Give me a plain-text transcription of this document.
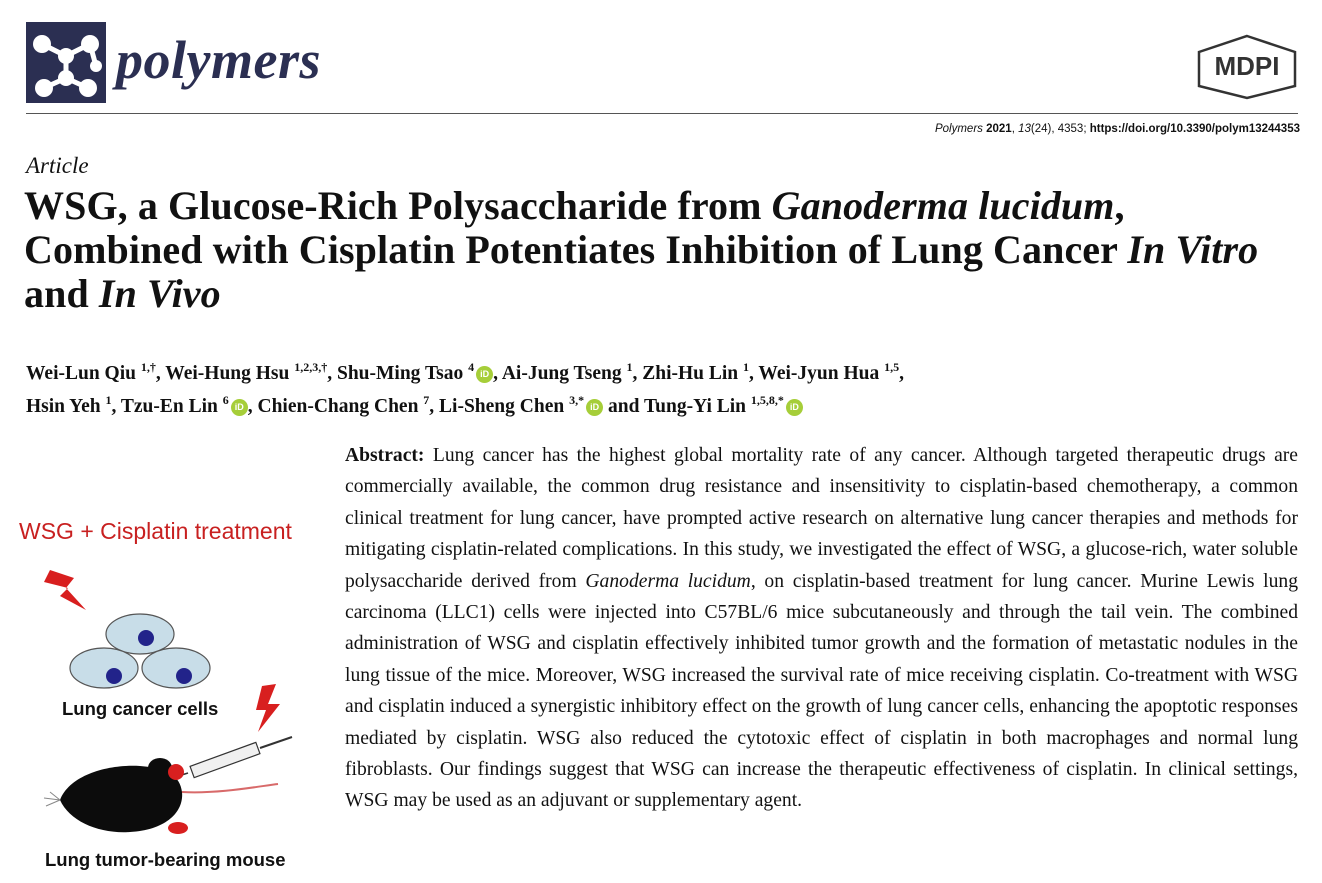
polymers	MDPI
Polymers 2021, 13(24), 4353; https://doi.org/10.3390/polym13244353
Article
WSG, a Glucose-Rich Polysaccharide from Ganoderma lucidum, Combined with Cisplatin Potentiates Inhibition of Lung Cancer In Vitro and In Vivo
Wei-Lun Qiu $^{1,\dagger}$, Wei-Hung Hsu $^{1,2,3,\dagger}$, Shu-Ming Tsao $^4$ iD , Ai-Jung Tseng $^1$, Zhi-Hu Lin $^1$, Wei-Jyun Hua $^{1,5}$,
Hsin Yeh $^1$, Tzu-En Lin $^6$ iD , Chien-Chang Chen $^7$, Li-Sheng Chen $^{3,*}$ iD and Tung-Yi Lin $^{1,5,8,*}$ iD
WSG + Cisplatin treatment
Lung cancer cells
Lung tumor-bearing mouse
Abstract: Lung cancer has the highest global mortality rate of any cancer. Although targeted therapeutic drugs are commercially available, the common drug resistance and insensitivity to cisplatin-based chemotherapy, a common clinical treatment for lung cancer, have prompted active research on alternative lung cancer therapies and methods for mitigating cisplatin-related complications. In this study, we investigated the effect of WSG, a glucose-rich, water soluble polysaccharide derived from Ganoderma lucidum, on cisplatin-based treatment for lung cancer. Murine Lewis lung carcinoma (LLC1) cells were injected into C57BL/6 mice subcutaneously and through the tail vein. The combined administration of WSG and cisplatin effectively inhibited tumor growth and the formation of metastatic nodules in the lung tissue of the mice. Moreover, WSG increased the survival rate of mice receiving cisplatin. Co-treatment with WSG and cisplatin induced a synergistic inhibitory effect on the growth of lung cancer cells, enhancing the apoptotic responses mediated by cisplatin. WSG also reduced the cytotoxic effect of cisplatin in both macrophages and normal lung fibroblasts. Our findings suggest that WSG can increase the therapeutic effectiveness of cisplatin. In clinical settings, WSG may be used as an adjuvant or supplementary agent.
